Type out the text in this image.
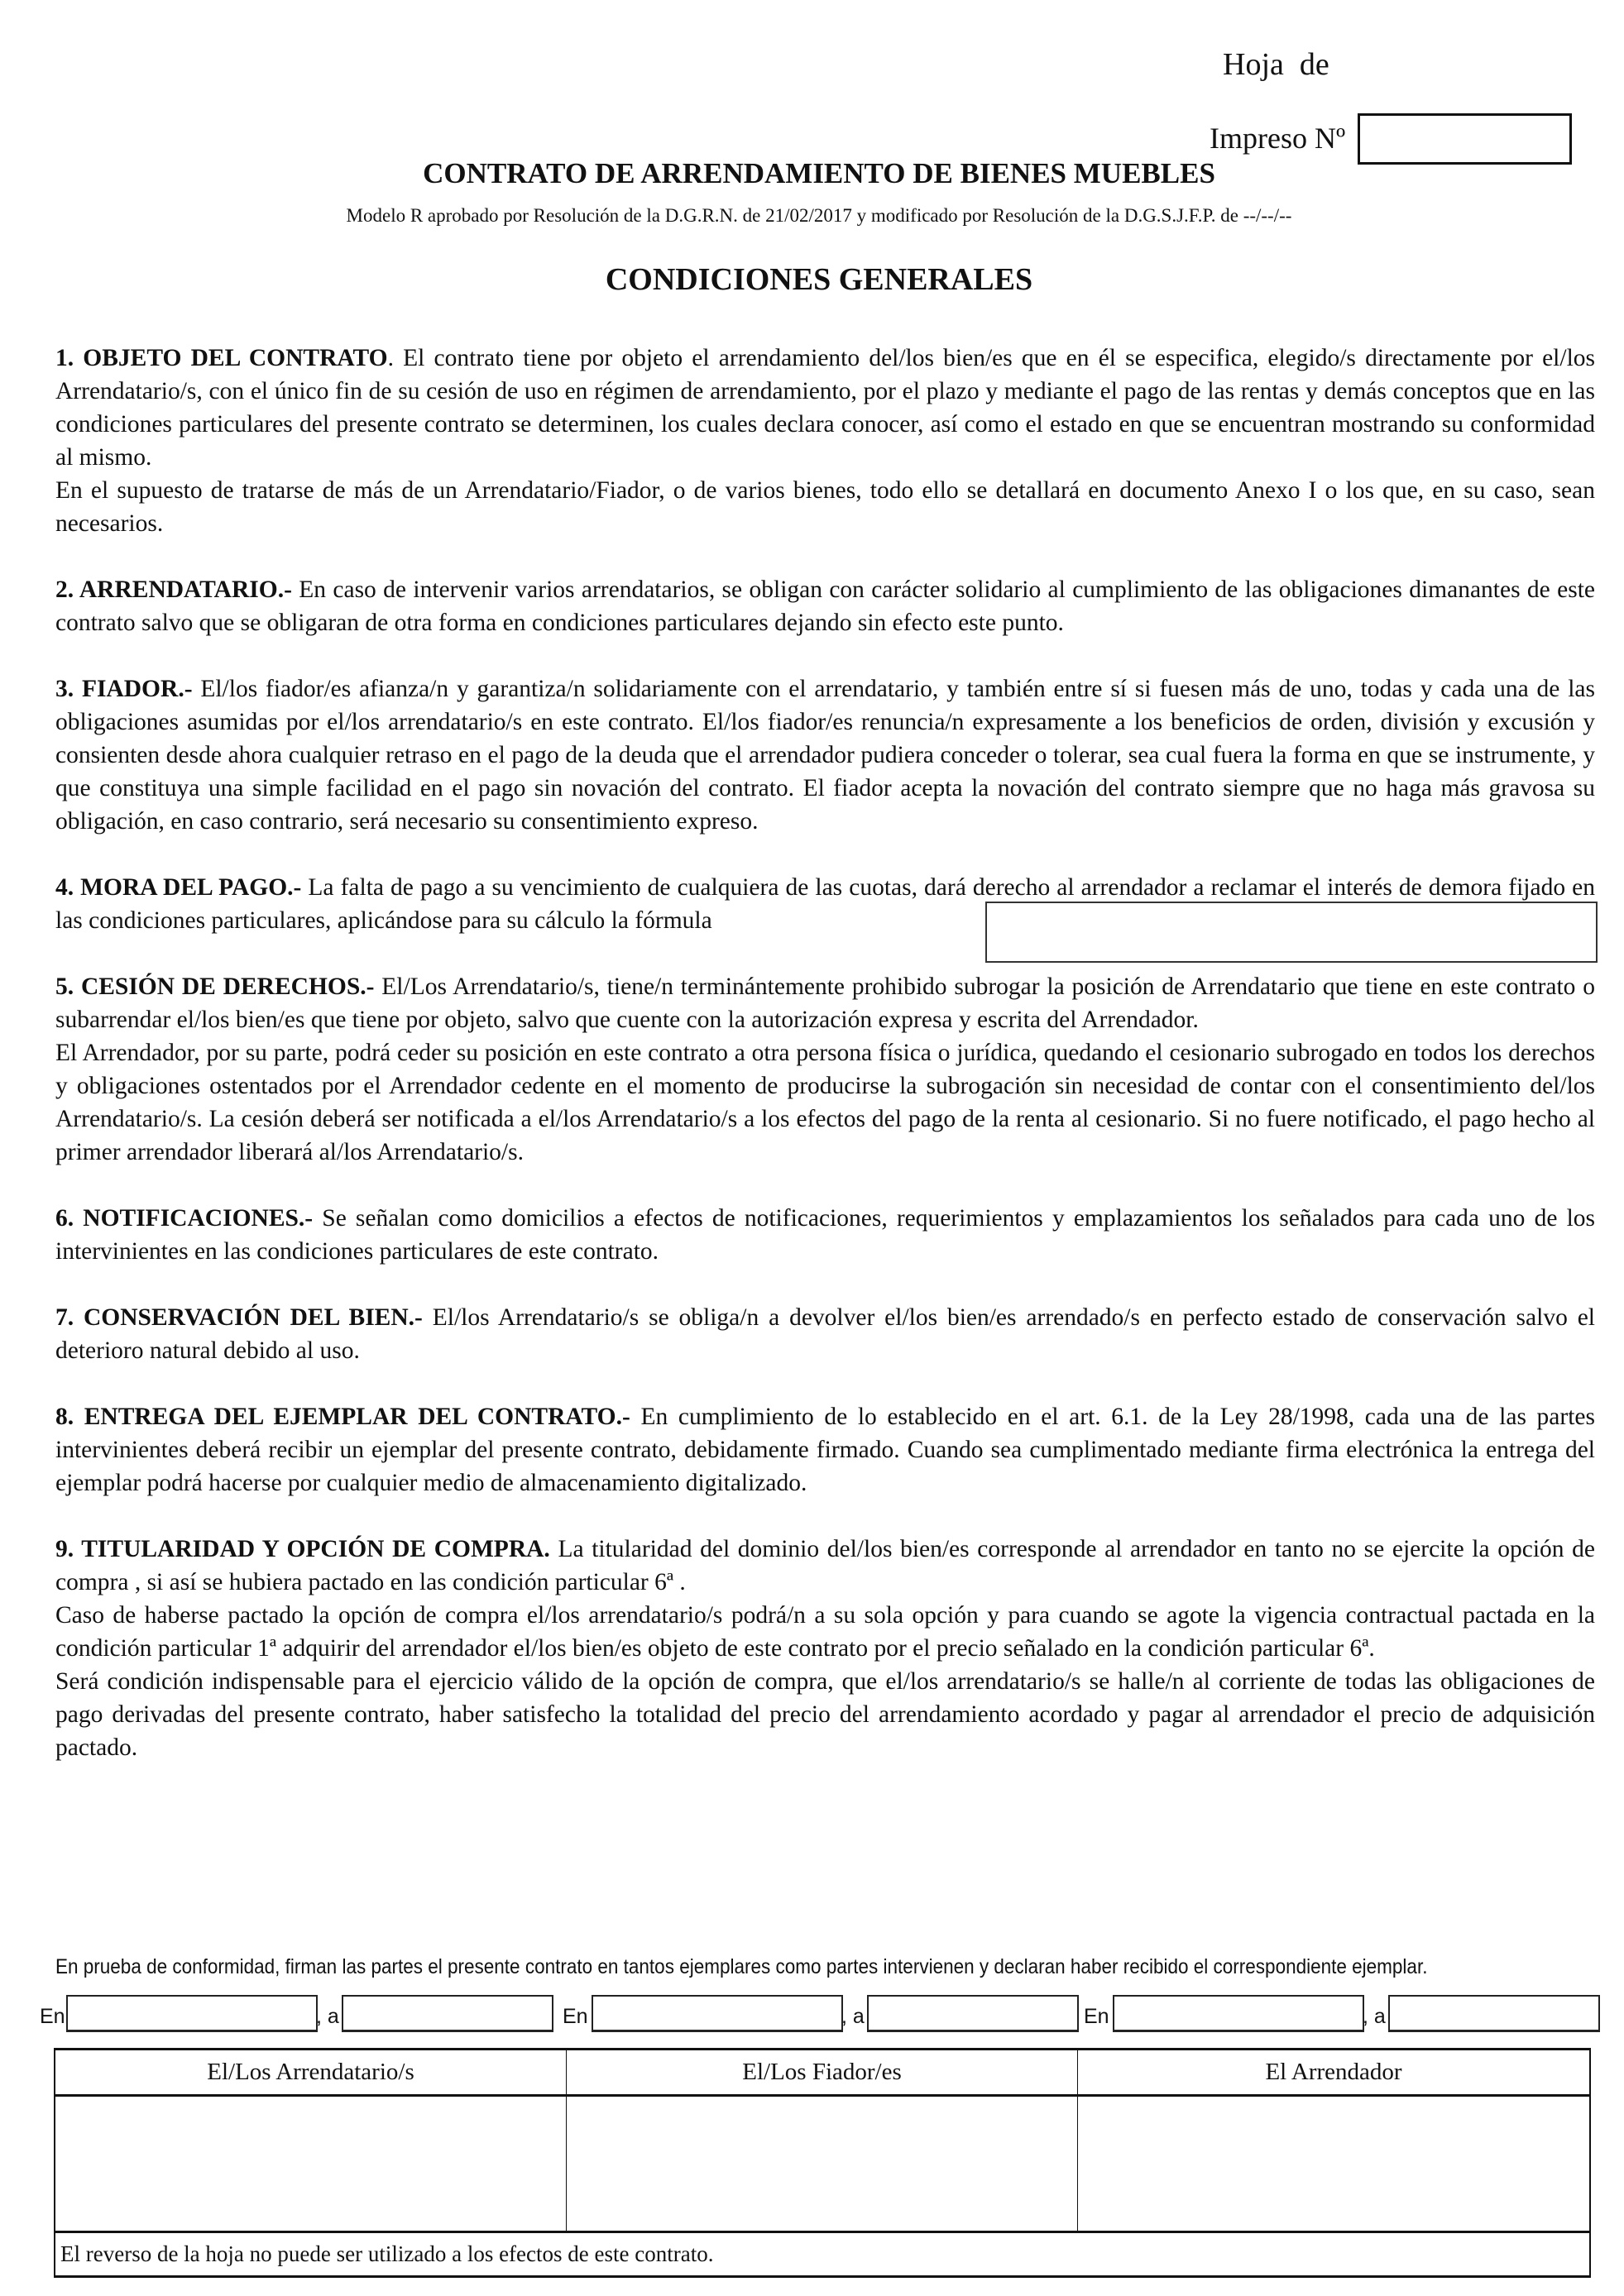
Hoja  de
Impreso Nº
CONTRATO DE ARRENDAMIENTO DE BIENES MUEBLES
Modelo R aprobado por Resolución de la D.G.R.N. de 21/02/2017 y modificado por Resolución de la D.G.S.J.F.P. de --/--/--
CONDICIONES GENERALES

1. OBJETO DEL CONTRATO. El contrato tiene por objeto el arrendamiento del/los bien/es que en él se especifica, elegido/s directamente por el/los Arrendatario/s, con el único fin de su cesión de uso en régimen de arrendamiento, por el plazo y mediante el pago de las rentas y demás conceptos que en las condiciones particulares del presente contrato se determinen, los cuales declara conocer, así como el estado en que se encuentran mostrando su conformidad al mismo.

En el supuesto de tratarse de más de un Arrendatario/Fiador, o de varios bienes, todo ello se detallará en documento Anexo I o los que, en su caso, sean necesarios.

2. ARRENDATARIO.- En caso de intervenir varios arrendatarios, se obligan con carácter solidario al cumplimiento de las obligaciones dimanantes de este contrato salvo que se obligaran de otra forma en condiciones particulares dejando sin efecto este punto.

3. FIADOR.- El/los fiador/es afianza/n y garantiza/n solidariamente con el arrendatario, y también entre sí si fuesen más de uno, todas y cada una de las obligaciones asumidas por el/los arrendatario/s en este contrato. El/los fiador/es renuncia/n expresamente a los beneficios de orden, división y excusión y consienten desde ahora cualquier retraso en el pago de la deuda que el arrendador pudiera conceder o tolerar, sea cual fuera la forma en que se instrumente, y que constituya una simple facilidad en el pago sin novación del contrato. El fiador acepta la novación del contrato siempre que no haga más gravosa su obligación, en caso contrario, será necesario su consentimiento expreso.

4. MORA DEL PAGO.- La falta de pago a su vencimiento de cualquiera de las cuotas, dará derecho al arrendador a reclamar el interés de demora fijado en las condiciones particulares, aplicándose para su cálculo la fórmula

5. CESIÓN DE DERECHOS.- El/Los Arrendatario/s, tiene/n terminántemente prohibido subrogar la posición de Arrendatario que tiene en este contrato o subarrendar el/los bien/es que tiene por objeto, salvo que cuente con la autorización expresa y escrita del Arrendador.

El Arrendador, por su parte, podrá ceder su posición en este contrato a otra persona física o jurídica, quedando el cesionario subrogado en todos los derechos y obligaciones ostentados por el Arrendador cedente en el momento de producirse la subrogación sin necesidad de contar con el consentimiento del/los Arrendatario/s. La cesión deberá ser notificada a el/los Arrendatario/s a los efectos del pago de la renta al cesionario. Si no fuere notificado, el pago hecho al primer arrendador liberará al/los Arrendatario/s.

6. NOTIFICACIONES.- Se señalan como domicilios a efectos de notificaciones, requerimientos y emplazamientos los señalados para cada uno de los intervinientes en las condiciones particulares de este contrato.

7. CONSERVACIÓN DEL BIEN.- El/los Arrendatario/s se obliga/n a devolver el/los bien/es arrendado/s en perfecto estado de conservación salvo el deterioro natural debido al uso.

8. ENTREGA DEL EJEMPLAR DEL CONTRATO.- En cumplimiento de lo establecido en el art. 6.1. de la Ley 28/1998, cada una de las partes intervinientes deberá recibir un ejemplar del presente contrato, debidamente firmado. Cuando sea cumplimentado mediante firma electrónica la entrega del ejemplar podrá hacerse por cualquier medio de almacenamiento digitalizado.

9. TITULARIDAD Y OPCIÓN DE COMPRA. La titularidad del dominio del/los bien/es corresponde al arrendador en tanto no se ejercite la opción de compra , si así se hubiera pactado en las condición particular 6ª .

Caso de haberse pactado la opción de compra el/los arrendatario/s podrá/n a su sola opción y para cuando se agote la vigencia contractual pactada en la condición particular 1ª adquirir del arrendador el/los bien/es objeto de este contrato por el precio señalado en la condición particular 6ª.

Será condición indispensable para el ejercicio válido de la opción de compra, que el/los arrendatario/s se halle/n al corriente de todas las obligaciones de pago derivadas del presente contrato, haber satisfecho la totalidad del precio del arrendamiento acordado y pagar al arrendador el precio de adquisición pactado.

En prueba de conformidad, firman las partes el presente contrato en tantos ejemplares como partes intervienen y declaran haber recibido el correspondiente ejemplar.
En	, a	En	, a	En	, a
El/Los Arrendatario/s	El/Los Fiador/es	El Arrendador
El reverso de la hoja no puede ser utilizado a los efectos de este contrato.
